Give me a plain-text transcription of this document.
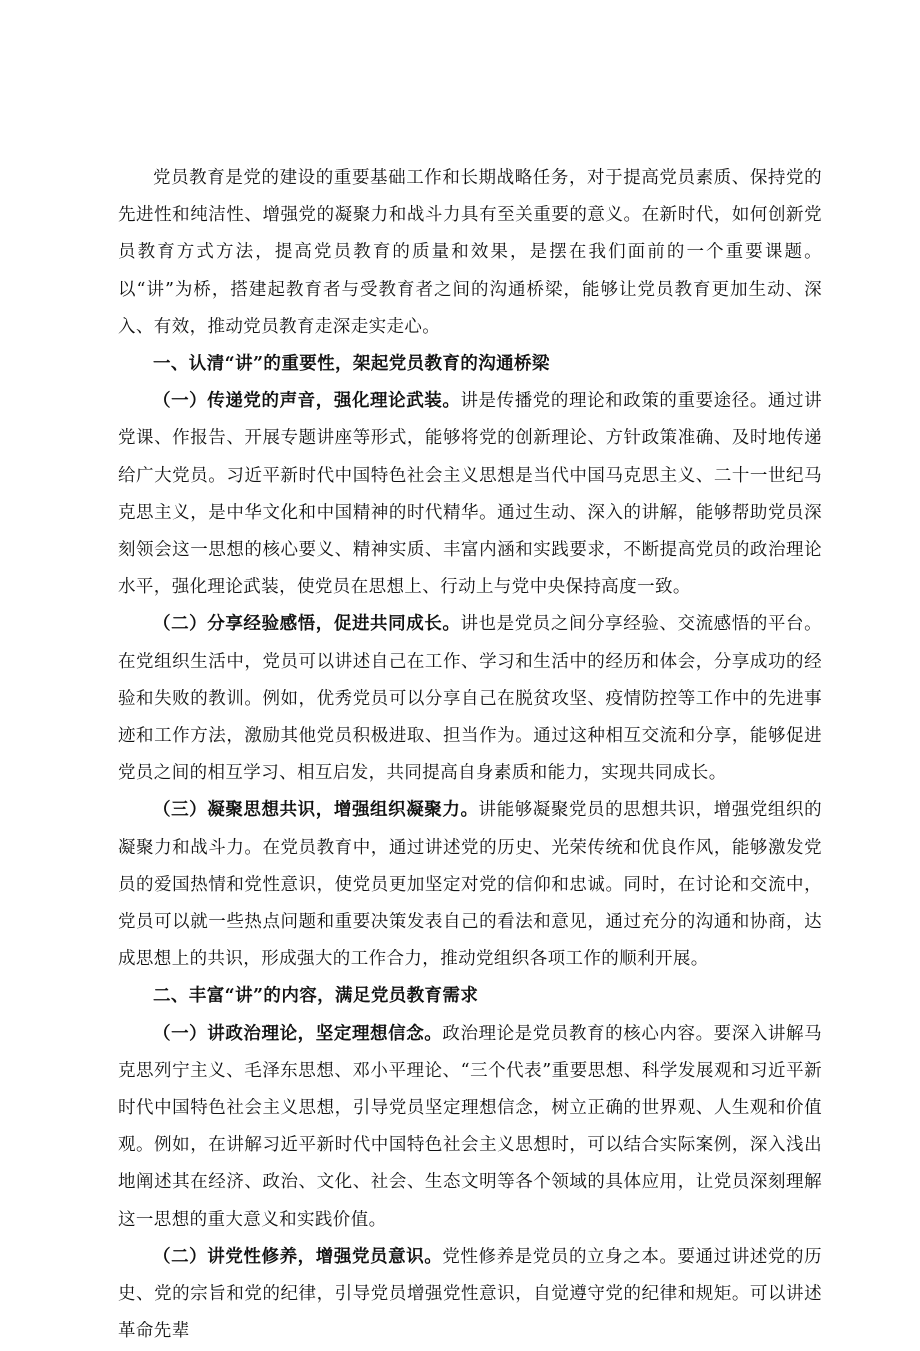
党员教育是党的建设的重要基础工作和长期战略任务，对于提高党员素质、保持党的先进性和纯洁性、增强党的凝聚力和战斗力具有至关重要的意义。在新时代，如何创新党员教育方式方法，提高党员教育的质量和效果，是摆在我们面前的一个重要课题。以“讲”为桥，搭建起教育者与受教育者之间的沟通桥梁，能够让党员教育更加生动、深入、有效，推动党员教育走深走实走心。

一、认清“讲”的重要性，架起党员教育的沟通桥梁

（一）传递党的声音，强化理论武装。讲是传播党的理论和政策的重要途径。通过讲党课、作报告、开展专题讲座等形式，能够将党的创新理论、方针政策准确、及时地传递给广大党员。习近平新时代中国特色社会主义思想是当代中国马克思主义、二十一世纪马克思主义，是中华文化和中国精神的时代精华。通过生动、深入的讲解，能够帮助党员深刻领会这一思想的核心要义、精神实质、丰富内涵和实践要求，不断提高党员的政治理论水平，强化理论武装，使党员在思想上、行动上与党中央保持高度一致。

（二）分享经验感悟，促进共同成长。讲也是党员之间分享经验、交流感悟的平台。在党组织生活中，党员可以讲述自己在工作、学习和生活中的经历和体会，分享成功的经验和失败的教训。例如，优秀党员可以分享自己在脱贫攻坚、疫情防控等工作中的先进事迹和工作方法，激励其他党员积极进取、担当作为。通过这种相互交流和分享，能够促进党员之间的相互学习、相互启发，共同提高自身素质和能力，实现共同成长。

（三）凝聚思想共识，增强组织凝聚力。讲能够凝聚党员的思想共识，增强党组织的凝聚力和战斗力。在党员教育中，通过讲述党的历史、光荣传统和优良作风，能够激发党员的爱国热情和党性意识，使党员更加坚定对党的信仰和忠诚。同时，在讨论和交流中，党员可以就一些热点问题和重要决策发表自己的看法和意见，通过充分的沟通和协商，达成思想上的共识，形成强大的工作合力，推动党组织各项工作的顺利开展。

二、丰富“讲”的内容，满足党员教育需求

（一）讲政治理论，坚定理想信念。政治理论是党员教育的核心内容。要深入讲解马克思列宁主义、毛泽东思想、邓小平理论、“三个代表”重要思想、科学发展观和习近平新时代中国特色社会主义思想，引导党员坚定理想信念，树立正确的世界观、人生观和价值观。例如，在讲解习近平新时代中国特色社会主义思想时，可以结合实际案例，深入浅出地阐述其在经济、政治、文化、社会、生态文明等各个领域的具体应用，让党员深刻理解这一思想的重大意义和实践价值。

（二）讲党性修养，增强党员意识。党性修养是党员的立身之本。要通过讲述党的历史、党的宗旨和党的纪律，引导党员增强党性意识，自觉遵守党的纪律和规矩。可以讲述革命先辈
